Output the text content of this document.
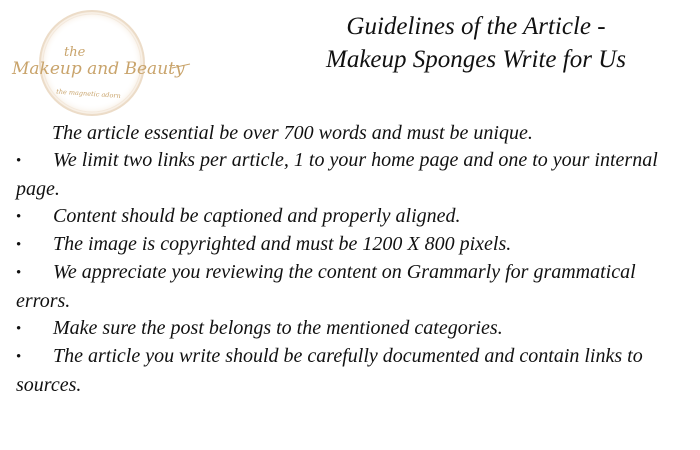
the
Makeup and Beauty
the magnetic adorn
Guidelines of the Article -
Makeup Sponges Write for Us
The article essential be over 700 words and must be unique.
• We limit two links per article, 1 to your home page and one to your internal page.
• Content should be captioned and properly aligned.
• The image is copyrighted and must be 1200 X 800 pixels.
• We appreciate you reviewing the content on Grammarly for grammatical errors.
• Make sure the post belongs to the mentioned categories.
• The article you write should be carefully documented and contain links to sources.
